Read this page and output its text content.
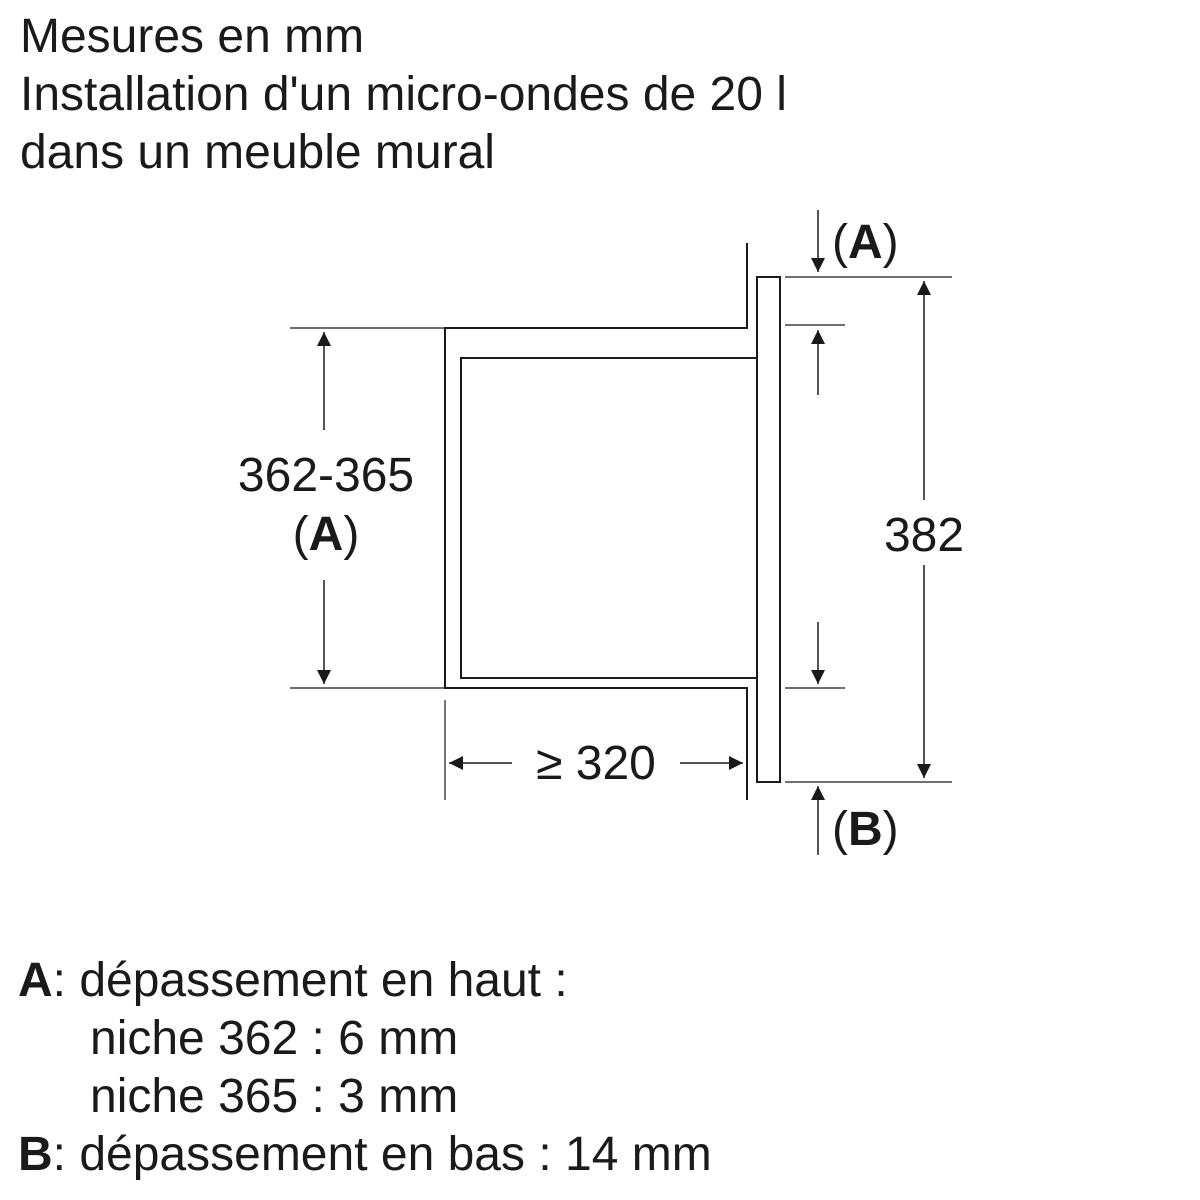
Mesures en mm
Installation d'un micro-ondes de 20 l
dans un meuble mural
362-365
(A)	382
≥ 320
(A)
(B)
A: dépassement en haut :
niche 362 : 6 mm
niche 365 : 3 mm
B: dépassement en bas : 14 mm
